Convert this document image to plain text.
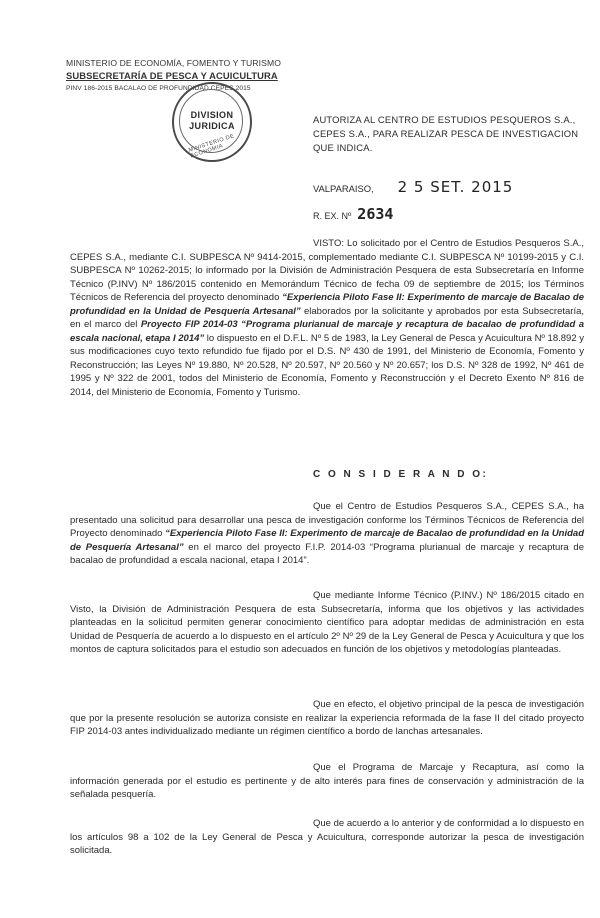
MINISTERIO DE ECONOMÍA, FOMENTO Y TURISMO
SUBSECRETARÍA DE PESCA Y ACUICULTURA
PINV 186-2015 BACALAO DE PROFUNDIDAD CEPES 2015
DIVISION
JURIDICA
MINISTERIO DE ECONOMIA
AUTORIZA AL CENTRO DE ESTUDIOS PESQUEROS S.A., CEPES S.A., PARA REALIZAR PESCA DE INVESTIGACION QUE INDICA.
VALPARAISO, 2 5 SET. 2015
R. EX. Nº 2634
VISTO: Lo solicitado por el Centro de Estudios Pesqueros S.A., CEPES S.A., mediante C.I. SUBPESCA Nº 9414-2015, complementado mediante C.I. SUBPESCA Nº 10199-2015 y C.I. SUBPESCA Nº 10262-2015; lo informado por la División de Administración Pesquera de esta Subsecretaría en Informe Técnico (P.INV) Nº 186/2015 contenido en Memorándum Técnico de fecha 09 de septiembre de 2015; los Términos Técnicos de Referencia del proyecto denominado “Experiencia Piloto Fase II: Experimento de marcaje de Bacalao de profundidad en la Unidad de Pesquería Artesanal” elaborados por la solicitante y aprobados por esta Subsecretaría, en el marco del Proyecto FIP 2014-03 “Programa plurianual de marcaje y recaptura de bacalao de profundidad a escala nacional, etapa I 2014” lo dispuesto en el D.F.L. Nº 5 de 1983, la Ley General de Pesca y Acuicultura Nº 18.892 y sus modificaciones cuyo texto refundido fue fijado por el D.S. Nº 430 de 1991, del Ministerio de Economía, Fomento y Reconstrucción; las Leyes Nº 19.880, Nº 20.528, Nº 20.597, Nº 20.560 y Nº 20.657; los D.S. Nº 328 de 1992, Nº 461 de 1995 y Nº 322 de 2001, todos del Ministerio de Economía, Fomento y Reconstrucción y el Decreto Exento Nº 816 de 2014, del Ministerio de Economía, Fomento y Turismo.
C O N S I D E R A N D O:
Que el Centro de Estudios Pesqueros S.A., CEPES S.A., ha presentado una solicitud para desarrollar una pesca de investigación conforme los Términos Técnicos de Referencia del Proyecto denominado “Experiencia Piloto Fase II: Experimento de marcaje de Bacalao de profundidad en la Unidad de Pesquería Artesanal” en el marco del proyecto F.I.P. 2014-03 “Programa plurianual de marcaje y recaptura de bacalao de profundidad a escala nacional, etapa I 2014”.
Que mediante Informe Técnico (P.INV.) Nº 186/2015 citado en Visto, la División de Administración Pesquera de esta Subsecretaría, informa que los objetivos y las actividades planteadas en la solicitud permiten generar conocimiento científico para adoptar medidas de administración en esta Unidad de Pesquería de acuerdo a lo dispuesto en el artículo 2º Nº 29 de la Ley General de Pesca y Acuicultura y que los montos de captura solicitados para el estudio son adecuados en función de los objetivos y metodologías planteadas.
Que en efecto, el objetivo principal de la pesca de investigación que por la presente resolución se autoriza consiste en realizar la experiencia reformada de la fase II del citado proyecto FIP 2014-03 antes individualizado mediante un régimen científico a bordo de lanchas artesanales.
Que el Programa de Marcaje y Recaptura, así como la información generada por el estudio es pertinente y de alto interés para fines de conservación y administración de la señalada pesquería.
Que de acuerdo a lo anterior y de conformidad a lo dispuesto en los artículos 98 a 102 de la Ley General de Pesca y Acuicultura, corresponde autorizar la pesca de investigación solicitada.
